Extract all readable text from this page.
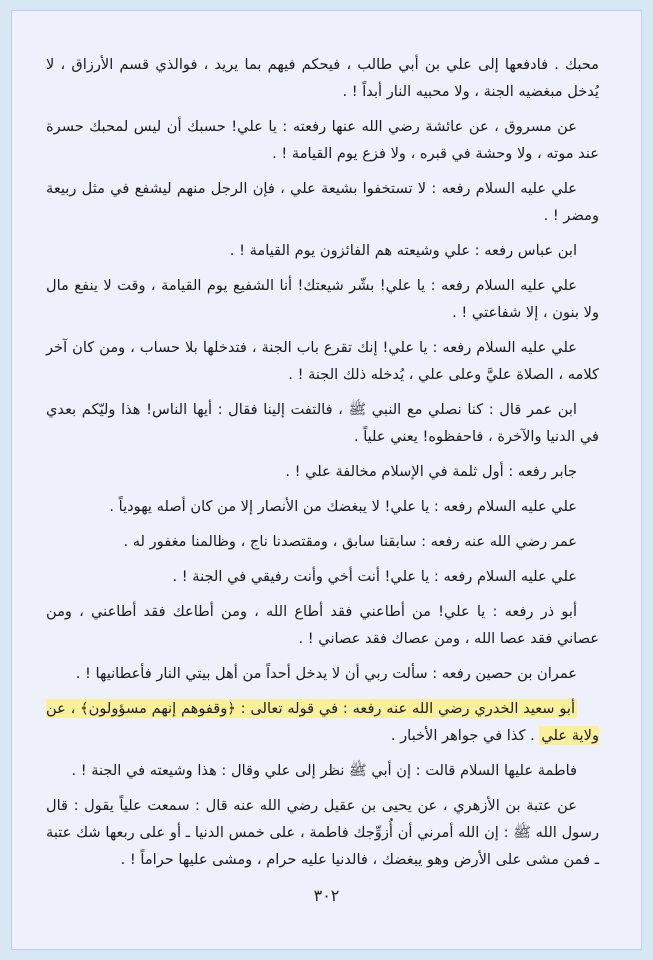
محبك . فادفعها إلى علي بن أبي طالب ، فيحكم فيهم بما يريد ، فوالذي قسم الأرزاق ، لا يُدخل مبغضيه الجنة ، ولا محبيه النار أبداً ! .

عن مسروق ، عن عائشة رضي الله عنها رفعته : يا علي! حسبك أن ليس لمحبك حسرة عند موته ، ولا وحشة في قبره ، ولا فزع يوم القيامة ! .

علي عليه السلام رفعه : لا تستخفوا بشيعة علي ، فإن الرجل منهم ليشفع في مثل ربيعة ومضر ! .

ابن عباس رفعه : علي وشيعته هم الفائزون يوم القيامة ! .

علي عليه السلام رفعه : يا علي! بشّر شيعتك! أنا الشفيع يوم القيامة ، وقت لا ينفع مال ولا بنون ، إلا شفاعتي ! .

علي عليه السلام رفعه : يا علي! إنك تقرع باب الجنة ، فتدخلها بلا حساب ، ومن كان آخر كلامه ، الصلاة عليَّ وعلى علي ، يُدخله ذلك الجنة ! .

ابن عمر قال : كنا نصلي مع النبي ﷺ ، فالتفت إلينا فقال : أيها الناس! هذا وليّكم بعدي في الدنيا والآخرة ، فاحفظوه! يعني علياً .

جابر رفعه : أول ثلمة في الإسلام مخالفة علي ! .

علي عليه السلام رفعه : يا علي! لا يبغضك من الأنصار إلا من كان أصله يهودياً .

عمر رضي الله عنه رفعه : سابقنا سابق ، ومقتصدنا ناج ، وظالمنا مغفور له .

علي عليه السلام رفعه : يا علي! أنت أخي وأنت رفيقي في الجنة ! .

أبو ذر رفعه : يا علي! من أطاعني فقد أطاع الله ، ومن أطاعك فقد أطاعني ، ومن عصاني فقد عصا الله ، ومن عصاك فقد عصاني ! .

عمران بن حصين رفعه : سألت ربي أن لا يدخل أحداً من أهل بيتي النار فأعطانيها ! .

أبو سعيد الخدري رضي الله عنه رفعه : في قوله تعالى : ﴿وقفوهم إنهم مسؤولون﴾ ، عن ولاية علي . كذا في جواهر الأخبار .

فاطمة عليها السلام قالت : إن أبي ﷺ نظر إلى علي وقال : هذا وشيعته في الجنة ! .

عن عتبة بن الأزهري ، عن يحيى بن عقيل رضي الله عنه قال : سمعت علياً يقول : قال رسول الله ﷺ : إن الله أمرني أن أُزوِّجك فاطمة ، على خمس الدنيا ـ أو على ربعها شك عتبة ـ فمن مشى على الأرض وهو يبغضك ، فالدنيا عليه حرام ، ومشى عليها حراماً ! .

٣٠٢
